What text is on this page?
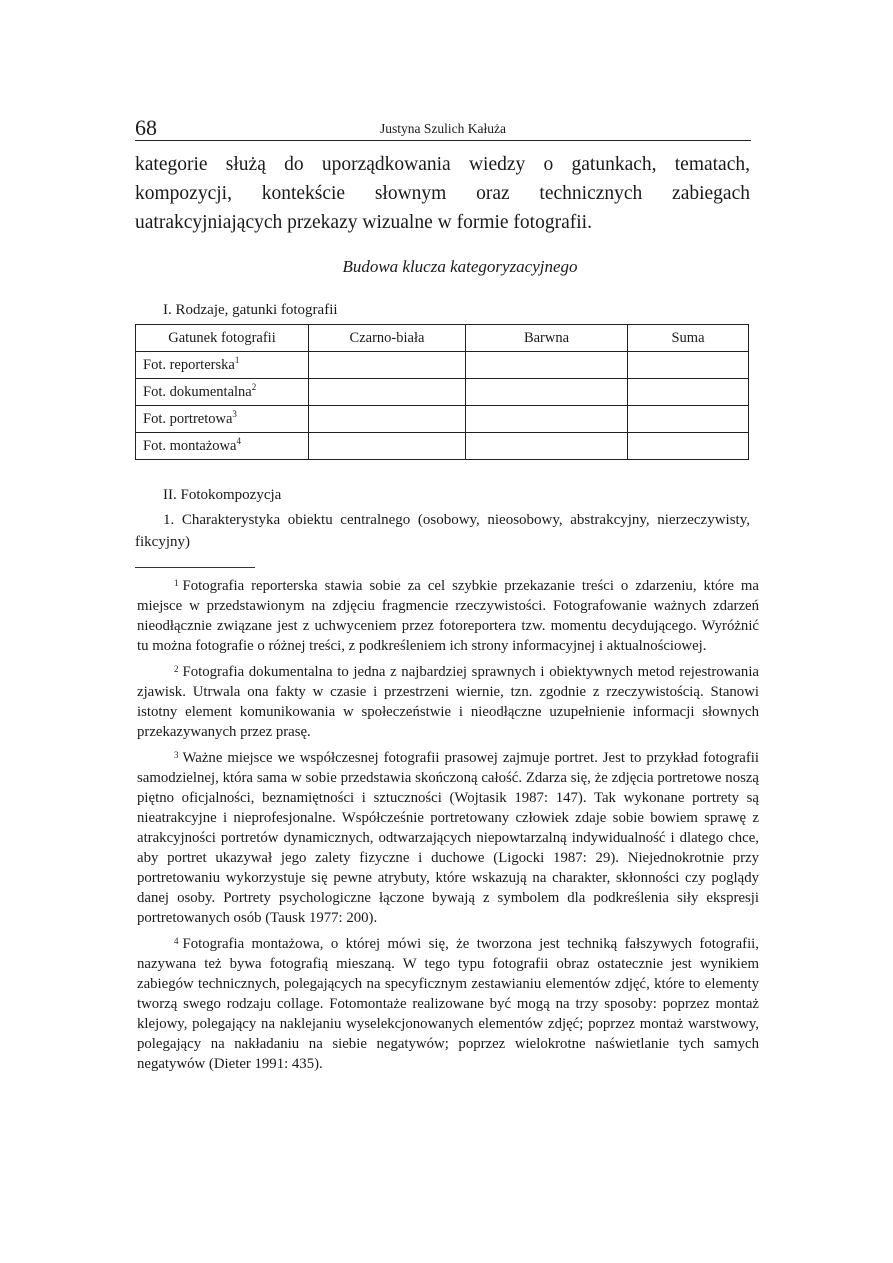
68	Justyna Szulich Kałuża

kategorie służą do uporządkowania wiedzy o gatunkach, tematach, kompozycji, kontekście słownym oraz technicznych zabiegach uatrakcyjniających przekazy wizualne w formie fotografii.

Budowa klucza kategoryzacyjnego

I. Rodzaje, gatunki fotografii

Gatunek fotografii	Czarno-biała	Barwna	Suma
Fot. reporterska$^1$			
Fot. dokumentalna$^2$			
Fot. portretowa$^3$			
Fot. montażowa$^4$			

II. Fotokompozycja

1. Charakterystyka obiektu centralnego (osobowy, nieosobowy, abstrakcyjny, nierzeczywisty, fikcyjny)

$^1$ Fotografia reporterska stawia sobie za cel szybkie przekazanie treści o zdarzeniu, które ma miejsce w przedstawionym na zdjęciu fragmencie rzeczywistości. Fotografowanie ważnych zdarzeń nieodłącznie związane jest z uchwyceniem przez fotoreportera tzw. momentu decydującego. Wyróżnić tu można fotografie o różnej treści, z podkreśleniem ich strony informacyjnej i aktualnościowej.

$^2$ Fotografia dokumentalna to jedna z najbardziej sprawnych i obiektywnych metod rejestrowania zjawisk. Utrwala ona fakty w czasie i przestrzeni wiernie, tzn. zgodnie z rzeczywistością. Stanowi istotny element komunikowania w społeczeństwie i nieodłączne uzupełnienie informacji słownych przekazywanych przez prasę.

$^3$ Ważne miejsce we współczesnej fotografii prasowej zajmuje portret. Jest to przykład fotografii samodzielnej, która sama w sobie przedstawia skończoną całość. Zdarza się, że zdjęcia portretowe noszą piętno oficjalności, beznamiętności i sztuczności (Wojtasik 1987: 147). Tak wykonane portrety są nieatrakcyjne i nieprofesjonalne. Współcześnie portretowany człowiek zdaje sobie bowiem sprawę z atrakcyjności portretów dynamicznych, odtwarzających niepowtarzalną indywidualność i dlatego chce, aby portret ukazywał jego zalety fizyczne i duchowe (Ligocki 1987: 29). Niejednokrotnie przy portretowaniu wykorzystuje się pewne atrybuty, które wskazują na charakter, skłonności czy poglądy danej osoby. Portrety psychologiczne łączone bywają z symbolem dla podkreślenia siły ekspresji portretowanych osób (Tausk 1977: 200).

$^4$ Fotografia montażowa, o której mówi się, że tworzona jest techniką fałszywych fotografii, nazywana też bywa fotografią mieszaną. W tego typu fotografii obraz ostatecznie jest wynikiem zabiegów technicznych, polegających na specyficznym zestawianiu elementów zdjęć, które to elementy tworzą swego rodzaju collage. Fotomontaże realizowane być mogą na trzy sposoby: poprzez montaż klejowy, polegający na naklejaniu wyselekcjonowanych elementów zdjęć; poprzez montaż warstwowy, polegający na nakładaniu na siebie negatywów; poprzez wielokrotne naświetlanie tych samych negatywów (Dieter 1991: 435).
